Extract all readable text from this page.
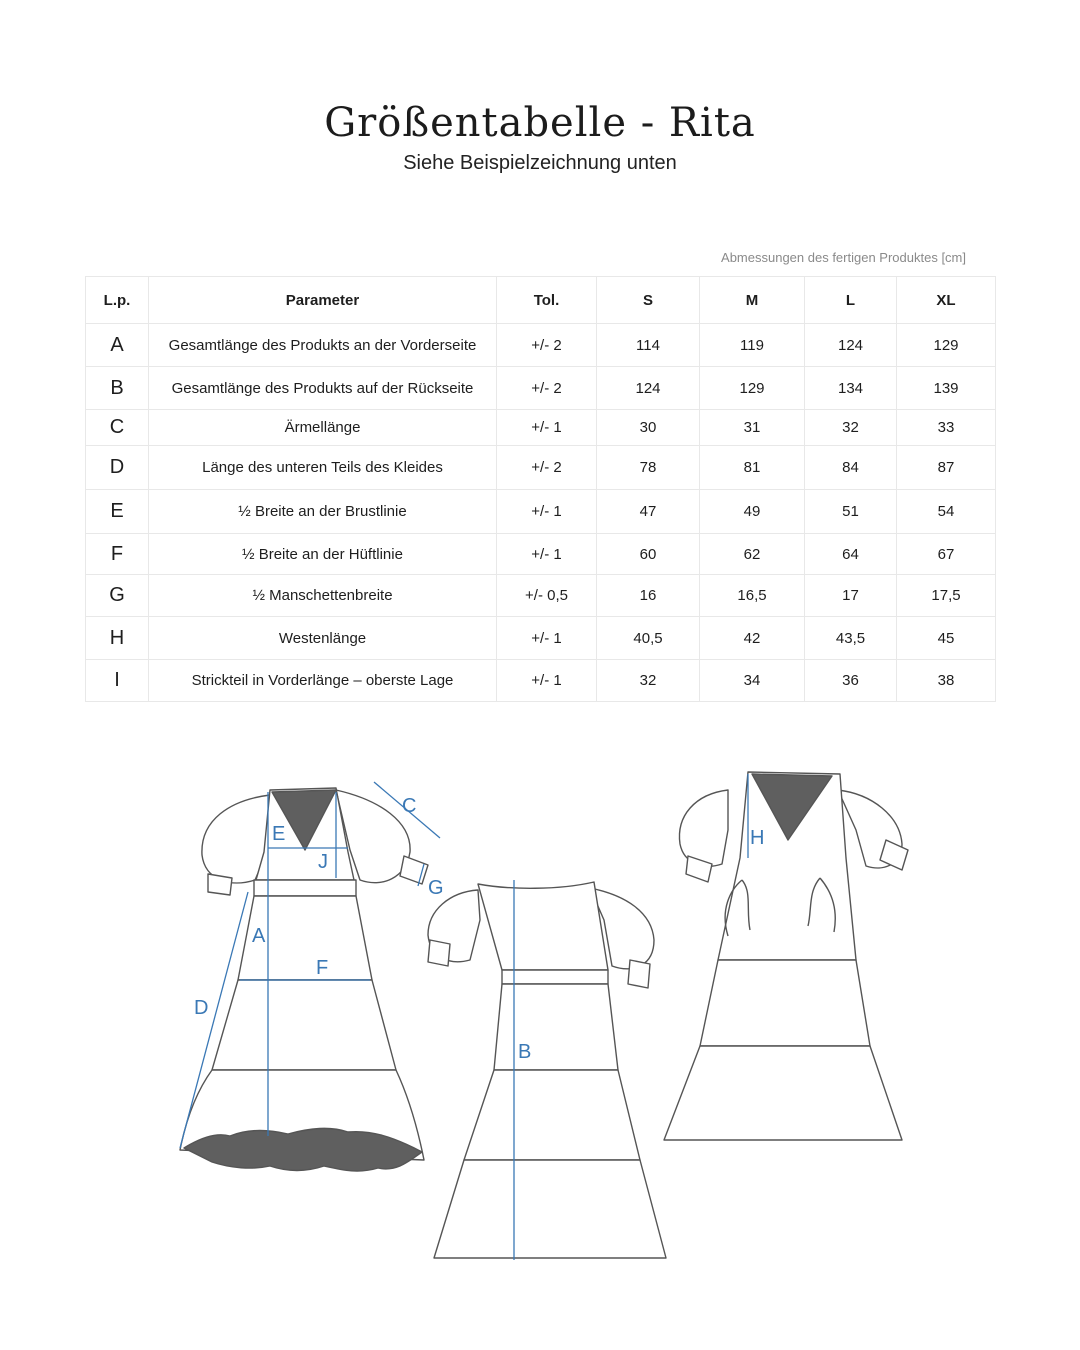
Größentabelle - Rita

Siehe Beispielzeichnung unten

Abmessungen des fertigen Produktes [cm]
L.p.	Parameter	Tol.	S	M	L	XL
A	Gesamtlänge des Produkts an der Vorderseite	+/- 2	114	119	124	129
B	Gesamtlänge des Produkts auf der Rückseite	+/- 2	124	129	134	139
C	Ärmellänge	+/- 1	30	31	32	33
D	Länge des unteren Teils des Kleides	+/- 2	78	81	84	87
E	½ Breite an der Brustlinie	+/- 1	47	49	51	54
F	½ Breite an der Hüftlinie	+/- 1	60	62	64	67
G	½ Manschettenbreite	+/- 0,5	16	16,5	17	17,5
H	Westenlänge	+/- 1	40,5	42	43,5	45
I	Strickteil in Vorderlänge – oberste Lage	+/- 1	32	34	36	38
A
C
D
E
F
G
J
B
H
